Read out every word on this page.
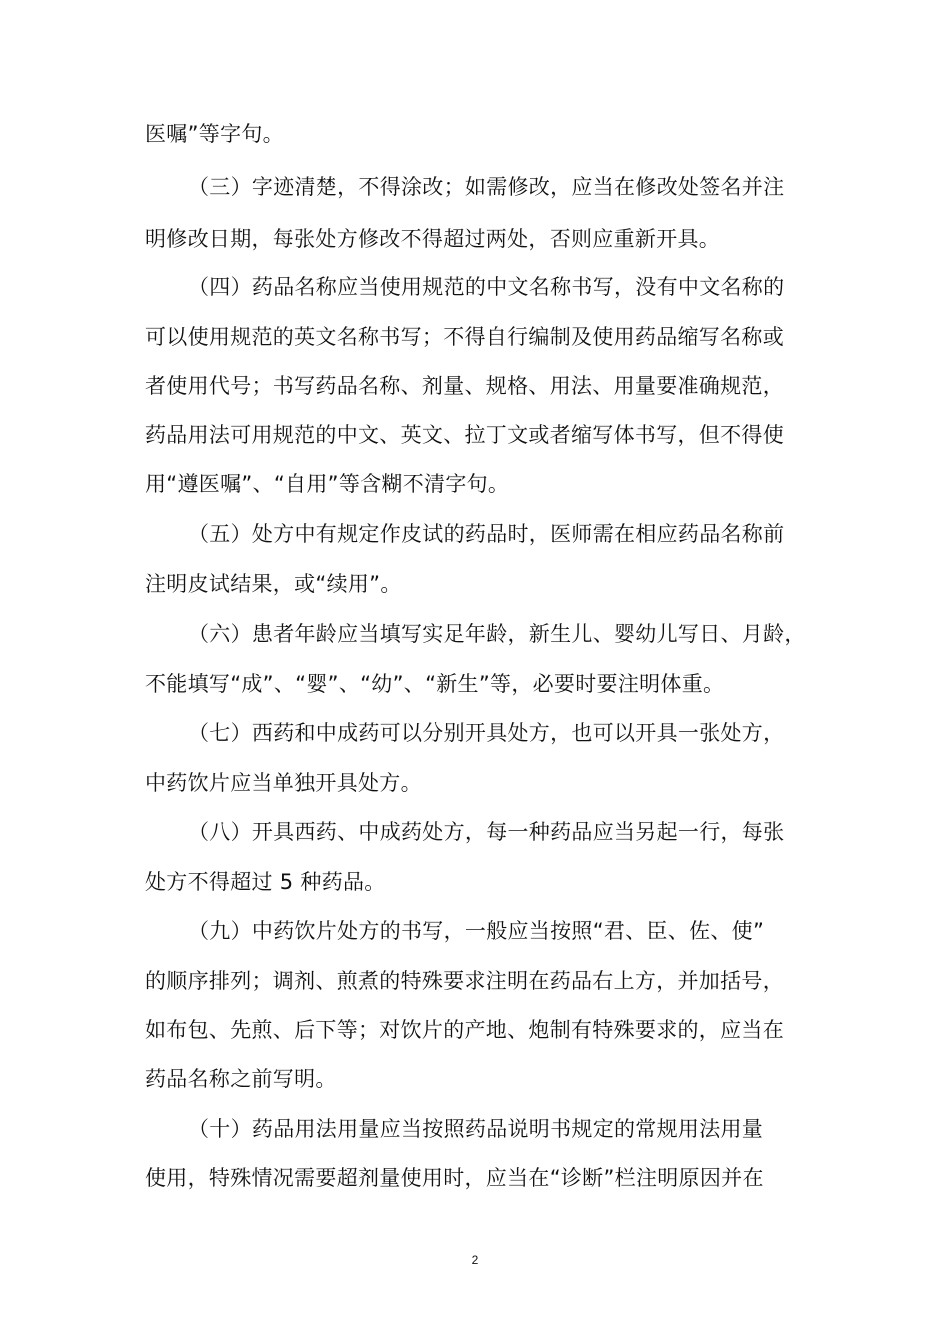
医嘱”等字句。
（三）字迹清楚，不得涂改；如需修改，应当在修改处签名并注
明修改日期，每张处方修改不得超过两处，否则应重新开具。
（四）药品名称应当使用规范的中文名称书写，没有中文名称的
可以使用规范的英文名称书写；不得自行编制及使用药品缩写名称或
者使用代号；书写药品名称、剂量、规格、用法、用量要准确规范，
药品用法可用规范的中文、英文、拉丁文或者缩写体书写，但不得使
用“遵医嘱”、“自用”等含糊不清字句。
（五）处方中有规定作皮试的药品时，医师需在相应药品名称前
注明皮试结果，或“续用”。
（六）患者年龄应当填写实足年龄，新生儿、婴幼儿写日、月龄，
不能填写“成”、“婴”、“幼”、“新生”等，必要时要注明体重。
（七）西药和中成药可以分别开具处方，也可以开具一张处方，
中药饮片应当单独开具处方。
（八）开具西药、中成药处方，每一种药品应当另起一行，每张
处方不得超过 5 种药品。
（九）中药饮片处方的书写，一般应当按照“君、臣、佐、使”
的顺序排列；调剂、煎煮的特殊要求注明在药品右上方，并加括号，
如布包、先煎、后下等；对饮片的产地、炮制有特殊要求的，应当在
药品名称之前写明。
（十）药品用法用量应当按照药品说明书规定的常规用法用量
使用，特殊情况需要超剂量使用时，应当在“诊断”栏注明原因并在
2
